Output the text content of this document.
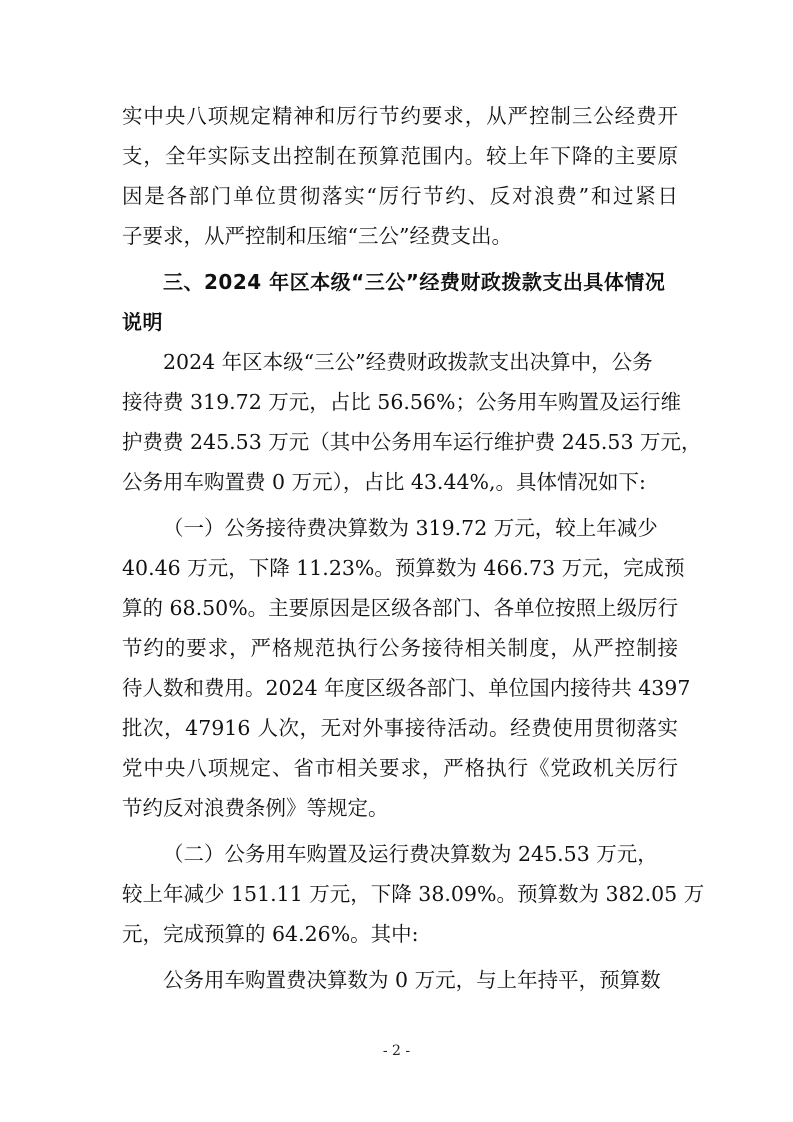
实中央八项规定精神和厉行节约要求，从严控制三公经费开
支，全年实际支出控制在预算范围内。较上年下降的主要原
因是各部门单位贯彻落实“厉行节约、反对浪费”和过紧日
子要求，从严控制和压缩“三公”经费支出。
三、2024 年区本级“三公”经费财政拨款支出具体情况
说明
2024 年区本级“三公”经费财政拨款支出决算中，公务
接待费 319.72 万元，占比 56.56%；公务用车购置及运行维
护费费 245.53 万元（其中公务用车运行维护费 245.53 万元，
公务用车购置费 0 万元），占比 43.44%,。具体情况如下:
（一）公务接待费决算数为 319.72 万元，较上年减少
40.46 万元，下降 11.23%。预算数为 466.73 万元，完成预
算的 68.50%。主要原因是区级各部门、各单位按照上级厉行
节约的要求，严格规范执行公务接待相关制度，从严控制接
待人数和费用。2024 年度区级各部门、单位国内接待共 4397
批次，47916 人次，无对外事接待活动。经费使用贯彻落实
党中央八项规定、省市相关要求，严格执行《党政机关厉行
节约反对浪费条例》等规定。
（二）公务用车购置及运行费决算数为 245.53 万元，
较上年减少 151.11 万元，下降 38.09%。预算数为 382.05 万
元，完成预算的 64.26%。其中:
公务用车购置费决算数为 0 万元，与上年持平，预算数
- 2 -
